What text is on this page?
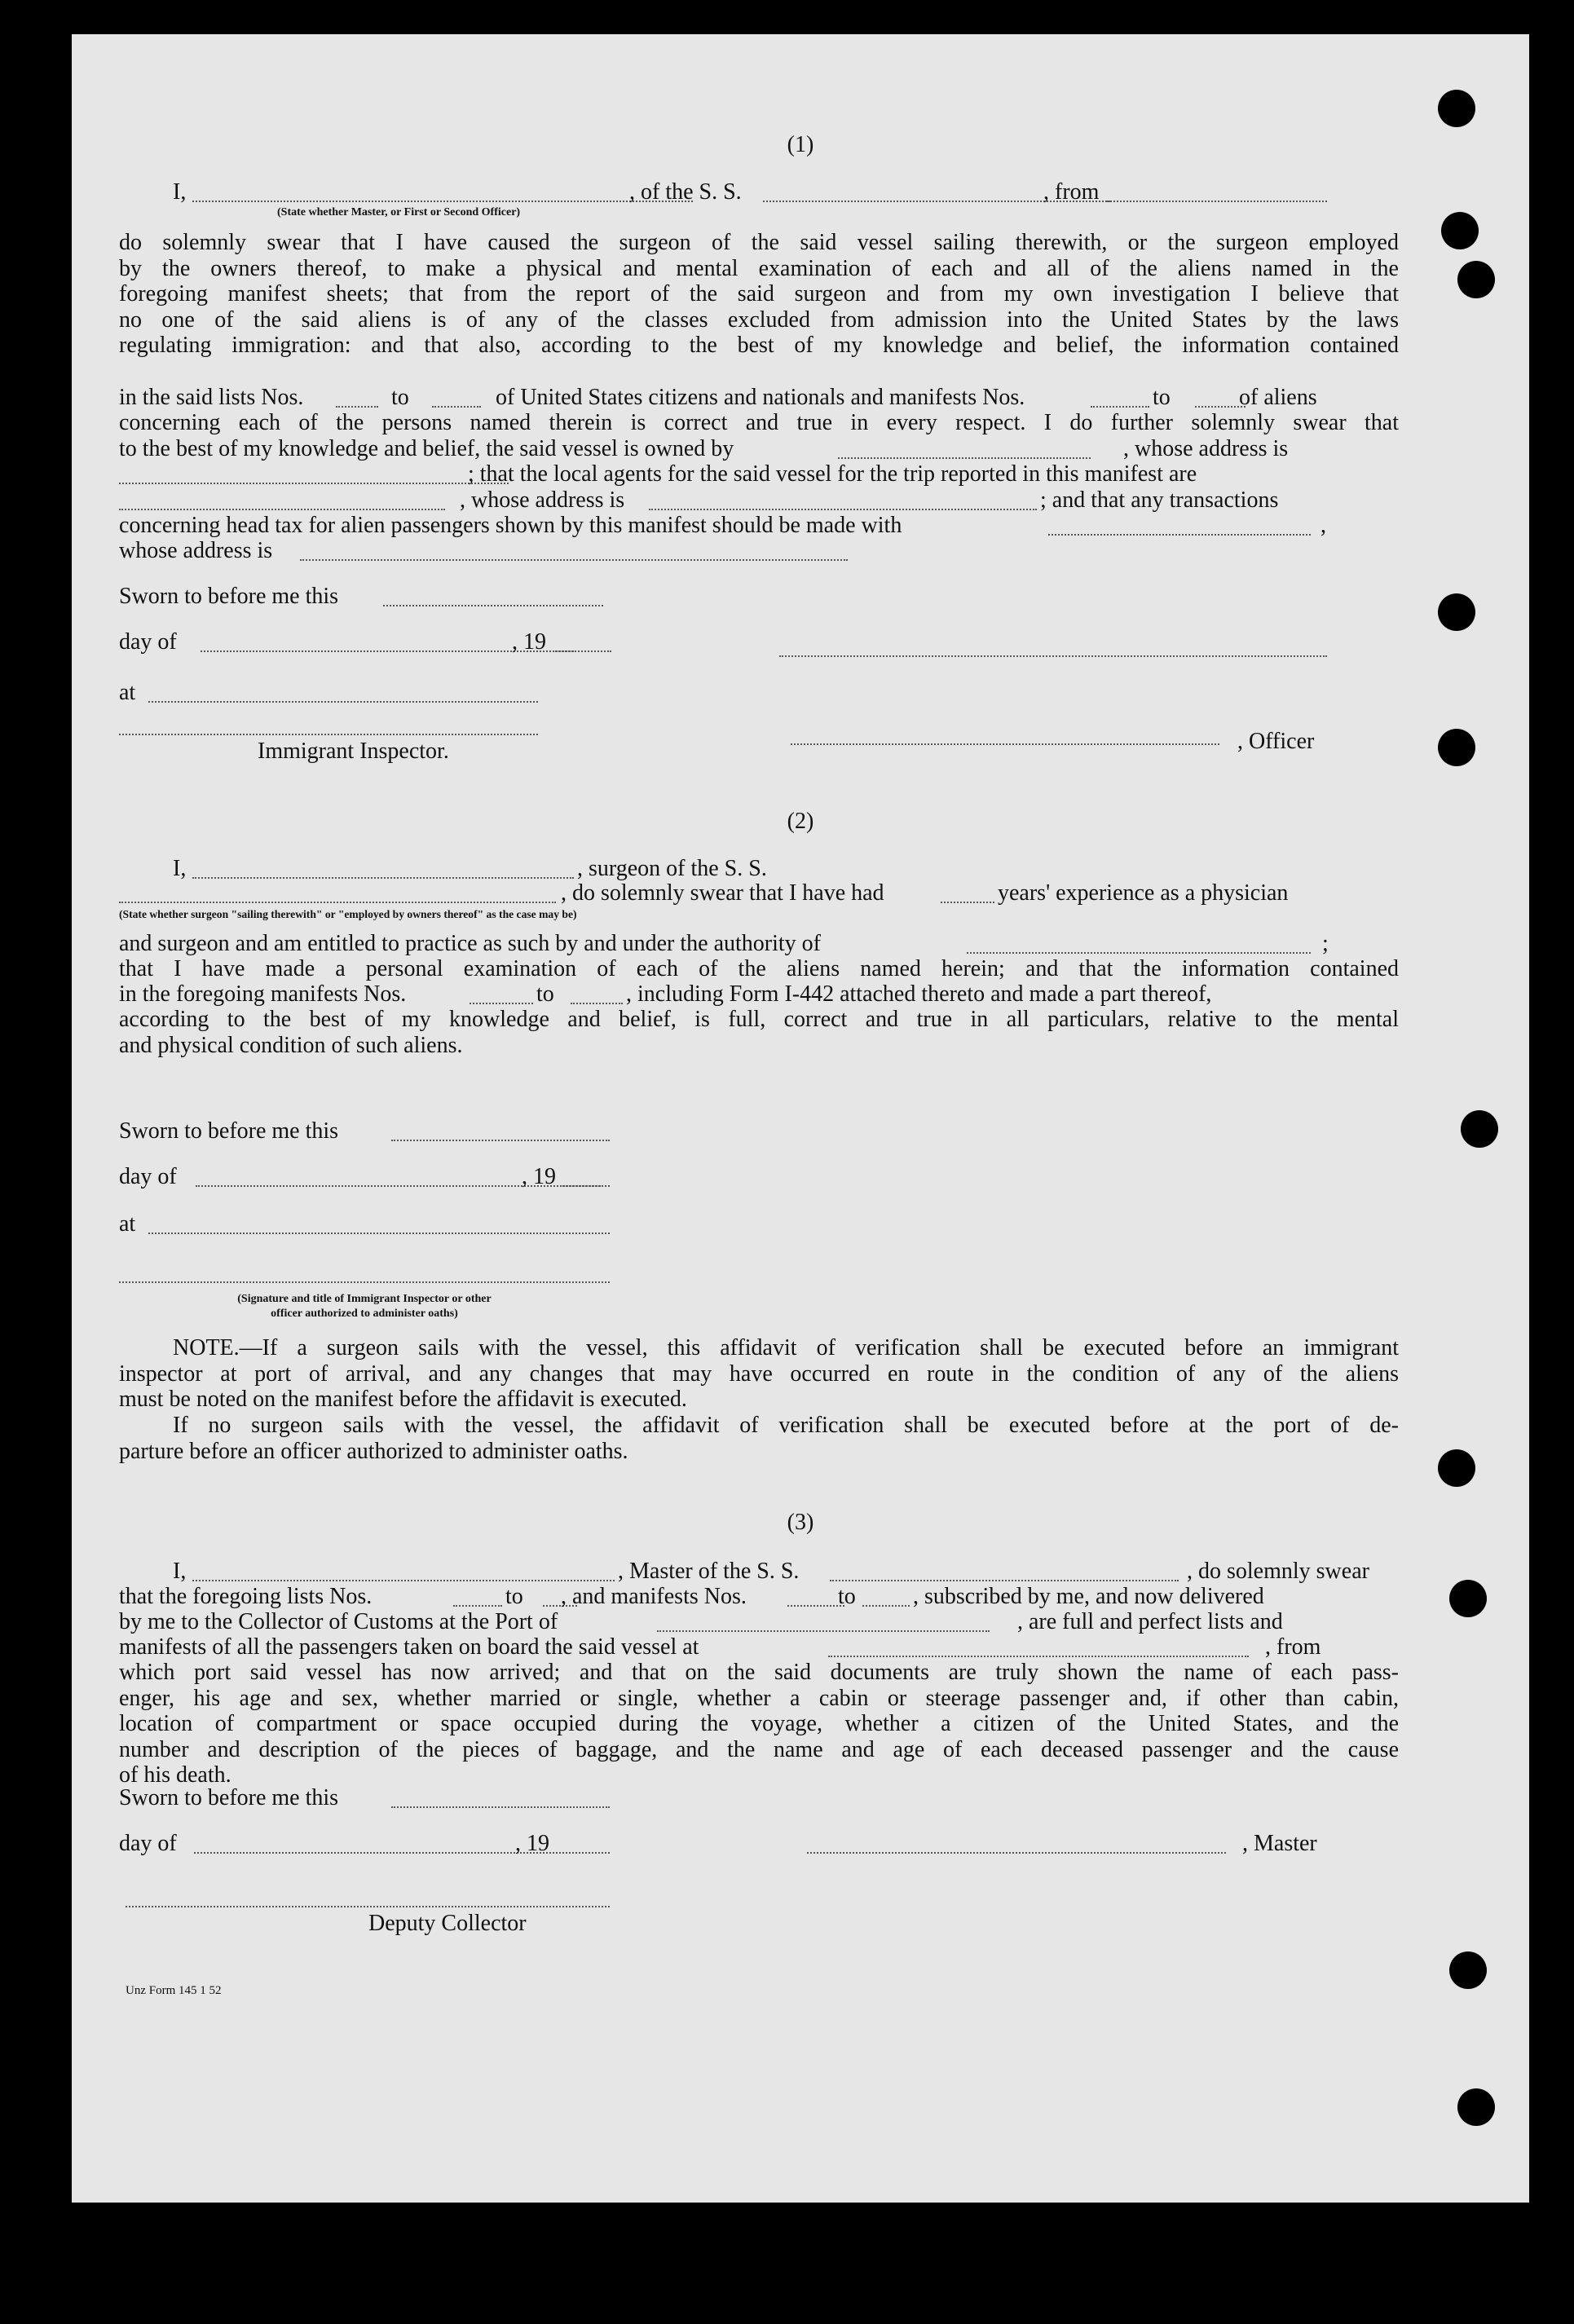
(1)
I,	, of the S. S.	, from
(State whether Master, or First or Second Officer)
do solemnly swear that I have caused the surgeon of the said vessel sailing therewith, or the surgeon employed
by the owners thereof, to make a physical and mental examination of each and all of the aliens named in the
foregoing manifest sheets; that from the report of the said surgeon and from my own investigation I believe that
no one of the said aliens is of any of the classes excluded from admission into the United States by the laws
regulating immigration: and that also, according to the best of my knowledge and belief, the information contained
in the said lists Nos.	to	of United States citizens and nationals and manifests Nos.	to	of aliens
concerning each of the persons named therein is correct and true in every respect. I do further solemnly swear that
to the best of my knowledge and belief, the said vessel is owned by	, whose address is
; that the local agents for the said vessel for the trip reported in this manifest are
, whose address is	; and that any transactions
concerning head tax for alien passengers shown by this manifest should be made with	,
whose address is
Sworn to before me this
day of	, 19
at
Immigrant Inspector.	, Officer
(2)
I,	, surgeon of the S. S.
, do solemnly swear that I have had	years' experience as a physician
(State whether surgeon "sailing therewith" or "employed by owners thereof" as the case may be)
and surgeon and am entitled to practice as such by and under the authority of	;
that I have made a personal examination of each of the aliens named herein; and that the information contained
in the foregoing manifests Nos.	to	, including Form I-442 attached thereto and made a part thereof,
according to the best of my knowledge and belief, is full, correct and true in all particulars, relative to the mental
and physical condition of such aliens.
Sworn to before me this
day of	, 19
at
(Signature and title of Immigrant Inspector or other
officer authorized to administer oaths)
NOTE.—If a surgeon sails with the vessel, this affidavit of verification shall be executed before an immigrant
inspector at port of arrival, and any changes that may have occurred en route in the condition of any of the aliens
must be noted on the manifest before the affidavit is executed.
If no surgeon sails with the vessel, the affidavit of verification shall be executed before at the port of de-
parture before an officer authorized to administer oaths.
(3)
I,	, Master of the S. S.	, do solemnly swear
that the foregoing lists Nos.	to , and manifests Nos.	to	, subscribed by me, and now delivered
by me to the Collector of Customs at the Port of	, are full and perfect lists and
manifests of all the passengers taken on board the said vessel at	, from
which port said vessel has now arrived; and that on the said documents are truly shown the name of each pass-
enger, his age and sex, whether married or single, whether a cabin or steerage passenger and, if other than cabin,
location of compartment or space occupied during the voyage, whether a citizen of the United States, and the
number and description of the pieces of baggage, and the name and age of each deceased passenger and the cause
of his death.
Sworn to before me this
day of	, 19	, Master
Deputy Collector
Unz Form 145 1 52
